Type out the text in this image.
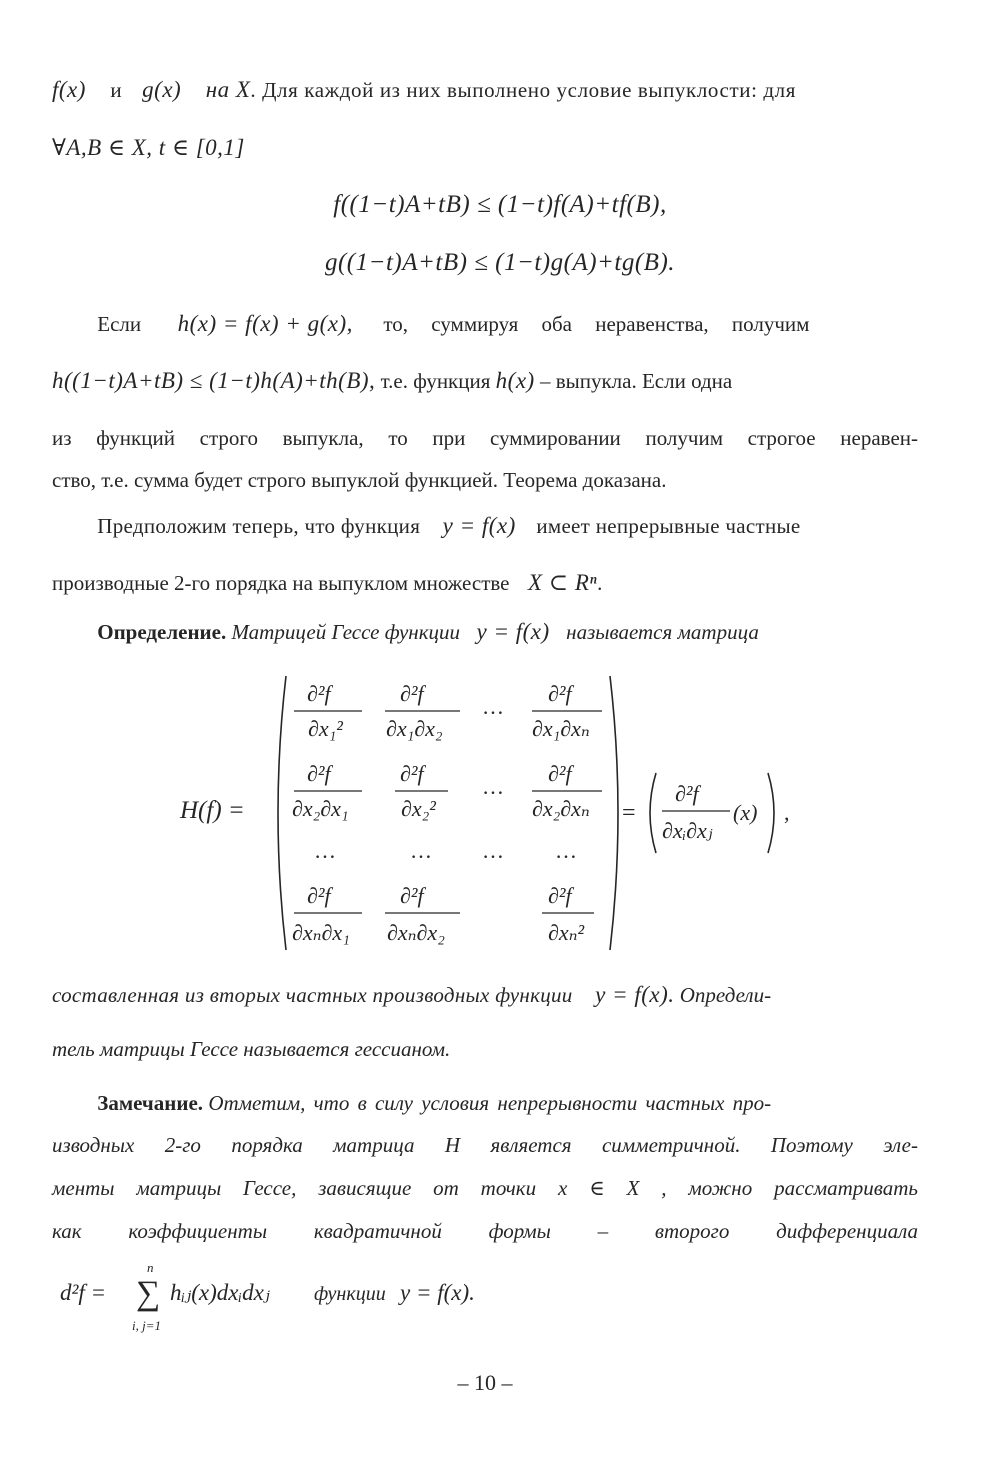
f(x) и g(x) на X. Для каждой из них выполнено условие выпуклости: для
∀A,B ∈ X, t ∈ [0,1]
f((1−t)A+tB) ≤ (1−t)f(A)+tf(B),
g((1−t)A+tB) ≤ (1−t)g(A)+tg(B).
Если h(x) = f(x) + g(x), то, суммируя оба неравенства, получим
h((1−t)A+tB) ≤ (1−t)h(A)+th(B), т.е. функция h(x) – выпукла. Если одна
из функций строго выпукла, то при суммировании получим строгое неравен-
ство, т.е. сумма будет строго выпуклой функцией. Теорема доказана.
Предположим теперь, что функция y = f(x) имеет непрерывные частные
производные 2-го порядка на выпуклом множестве X ⊂ Rⁿ.
Определение. Матрицей Гессе функции y = f(x) называется матрица
H(f) =
∂²f
∂x₁²
∂²f
∂x₁∂x₂
…
∂²f
∂x₁∂xₙ
∂²f
∂x₂∂x₁
∂²f
∂x₂²
…
∂²f
∂x₂∂xₙ
…	… … …
∂²f
∂xₙ∂x₁
∂²f
∂xₙ∂x₂
∂²f
∂xₙ²
=
∂²f
∂xᵢ∂xⱼ
(x) ,
составленная из вторых частных производных функции y = f(x). Определи-
тель матрицы Гессе называется гессианом.
Замечание. Отметим, что в силу условия непрерывности частных про-
изводных 2-го порядка матрица H является симметричной. Поэтому эле-
менты матрицы Гессе, зависящие от точки x ∈ X , можно рассматривать
как коэффициенты квадратичной формы – второго дифференциала
d²f =
n
∑
i, j=1
hᵢⱼ(x)dxᵢdxⱼ функции y = f(x).
– 10 –
